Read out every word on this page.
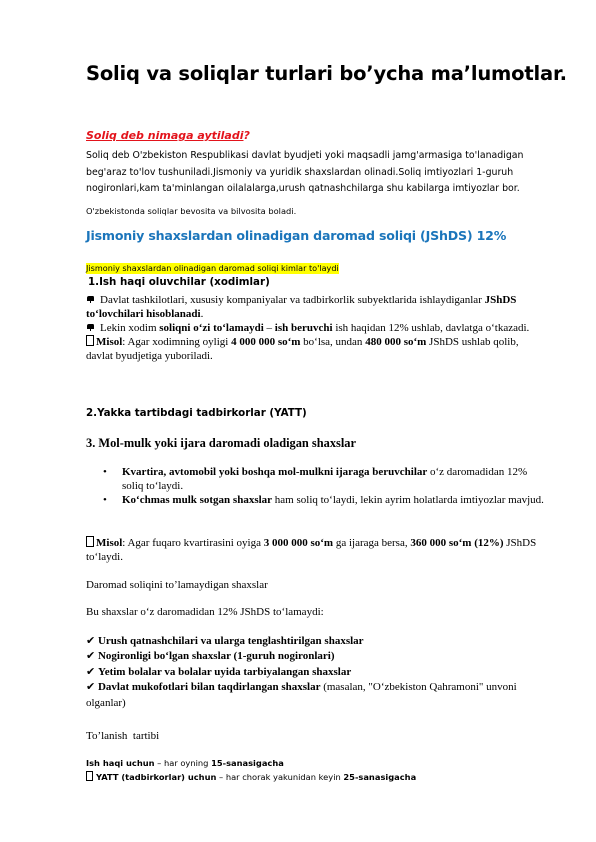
Soliq va soliqlar turlari bo’ycha ma’lumotlar.
Soliq deb nimaga aytiladi?

Soliq deb O'zbekiston Respublikasi davlat byudjeti yoki maqsadli jamg'armasiga to'lanadigan beg'araz to'lov tushuniladi.Jismoniy va yuridik shaxslardan olinadi.Soliq imtiyozlari 1-guruh nogironlari,kam ta'minlangan oilalalarga,urush qatnashchilarga shu kabilarga imtiyozlar bor.

O'zbekistonda soliqlar bevosita va bilvosita boladi.

Jismoniy shaxslardan olinadigan daromad soliqi (JShDS) 12%

Jismoniy shaxslardan olinadigan daromad soliqi kimlar to'laydi

1.Ish haqi oluvchilar (xodimlar)

Davlat tashkilotlari, xususiy kompaniyalar va tadbirkorlik subyektlarida ishlaydiganlar JShDS to‘lovchilari hisoblanadi.
Lekin xodim soliqni o‘zi to‘lamaydi – ish beruvchi ish haqidan 12% ushlab, davlatga o‘tkazadi.
Misol: Agar xodimning oyligi 4 000 000 so‘m bo‘lsa, undan 480 000 so‘m JShDS ushlab qolib, davlat byudjetiga yuboriladi.

2.Yakka tartibdagi tadbirkorlar (YATT)

3. Mol-mulk yoki ijara daromadi oladigan shaxslar

• Kvartira, avtomobil yoki boshqa mol-mulkni ijaraga beruvchilar o‘z daromadidan 12% soliq to‘laydi.
• Ko‘chmas mulk sotgan shaxslar ham soliq to‘laydi, lekin ayrim holatlarda imtiyozlar mavjud.
Misol: Agar fuqaro kvartirasini oyiga 3 000 000 so‘m ga ijaraga bersa, 360 000 so‘m (12%) JShDS to‘laydi.

Daromad soliqini to’lamaydigan shaxslar

Bu shaxslar o‘z daromadidan 12% JShDS to‘lamaydi:

✔ Urush qatnashchilari va ularga tenglashtirilgan shaxslar

✔ Nogironligi bo‘lgan shaxslar (1-guruh nogironlari)

✔ Yetim bolalar va bolalar uyida tarbiyalangan shaxslar

✔ Davlat mukofotlari bilan taqdirlangan shaxslar (masalan, "O‘zbekiston Qahramoni" unvoni olganlar)

To’lanish  tartibi

Ish haqi uchun – har oyning 15-sanasigacha

YATT (tadbirkorlar) uchun – har chorak yakunidan keyin 25-sanasigacha
